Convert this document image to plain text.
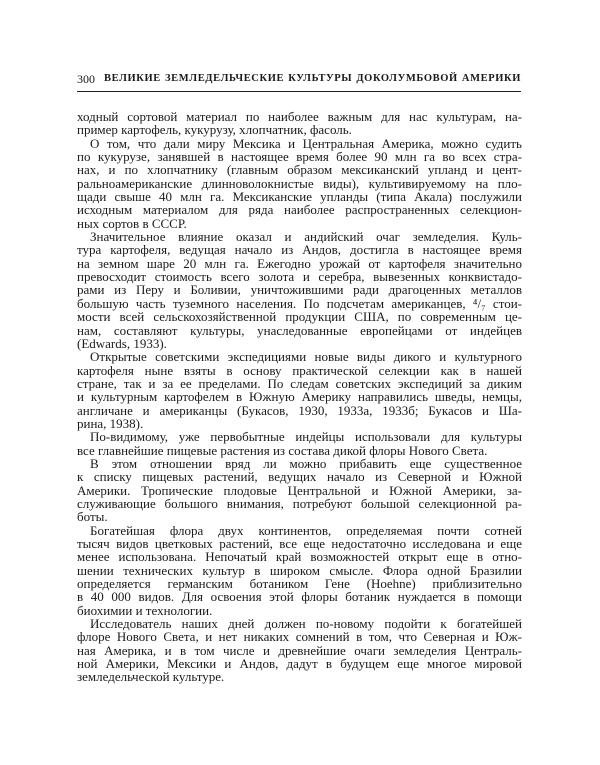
300 ВЕЛИКИЕ ЗЕМЛЕДЕЛЬЧЕСКИЕ КУЛЬТУРЫ ДОКОЛУМБОВОЙ АМЕРИКИ
ходный сортовой материал по наиболее важным для нас культурам, на-
пример картофель, кукурузу, хлопчатник, фасоль.
О том, что дали миру Мексика и Центральная Америка, можно судить
по кукурузе, занявшей в настоящее время более 90 млн га во всех стра-
нах, и по хлопчатнику (главным образом мексиканский упланд и цент-
ральноамериканские длинноволокнистые виды), культивируемому на пло-
щади свыше 40 млн га. Мексиканские упланды (типа Акала) послужили
исходным материалом для ряда наиболее распространенных селекцион-
ных сортов в СССР.
Значительное влияние оказал и андийский очаг земледелия. Куль-
тура картофеля, ведущая начало из Андов, достигла в настоящее время
на земном шаре 20 млн га. Ежегодно урожай от картофеля значительно
превосходит стоимость всего золота и серебра, вывезенных конквистадо-
рами из Перу и Боливии, уничтожившими ради драгоценных металлов
большую часть туземного населения. По подсчетам американцев, ⁴/₇ стои-
мости всей сельскохозяйственной продукции США, по современным це-
нам, составляют культуры, унаследованные европейцами от индейцев
(Edwards, 1933).
Открытые советскими экспедициями новые виды дикого и культурного
картофеля ныне взяты в основу практической селекции как в нашей
стране, так и за ее пределами. По следам советских экспедиций за диким
и культурным картофелем в Южную Америку направились шведы, немцы,
англичане и американцы (Букасов, 1930, 1933а, 1933б; Букасов и Ша-
рина, 1938).
По-видимому, уже первобытные индейцы использовали для культуры
все главнейшие пищевые растения из состава дикой флоры Нового Света.
В этом отношении вряд ли можно прибавить еще существенное
к списку пищевых растений, ведущих начало из Северной и Южной
Америки. Тропические плодовые Центральной и Южной Америки, за-
служивающие большого внимания, потребуют большой селекционной ра-
боты.
Богатейшая флора двух континентов, определяемая почти сотней
тысяч видов цветковых растений, все еще недостаточно исследована и еще
менее использована. Непочатый край возможностей открыт еще в отно-
шении технических культур в широком смысле. Флора одной Бразилии
определяется германским ботаником Гене (Hoehne) приблизительно
в 40 000 видов. Для освоения этой флоры ботаник нуждается в помощи
биохимии и технологии.
Исследователь наших дней должен по-новому подойти к богатейшей
флоре Нового Света, и нет никаких сомнений в том, что Северная и Юж-
ная Америка, и в том числе и древнейшие очаги земледелия Централь-
ной Америки, Мексики и Андов, дадут в будущем еще многое мировой
земледельческой культуре.
